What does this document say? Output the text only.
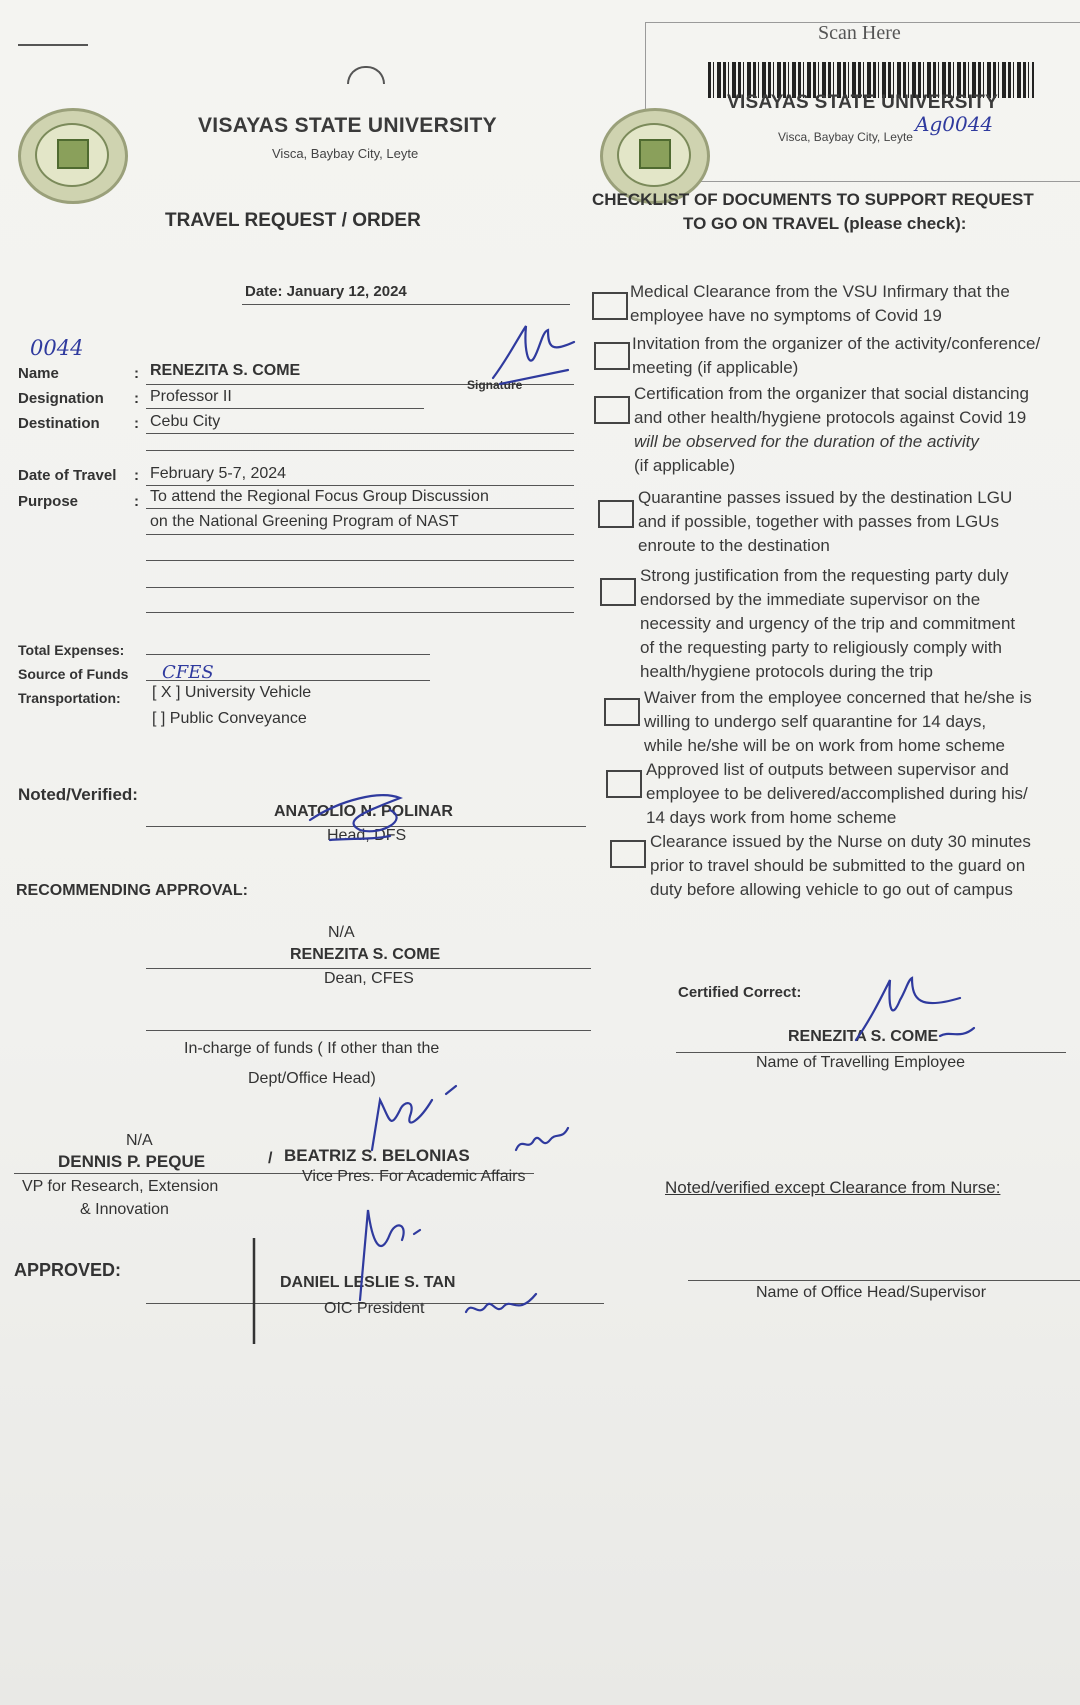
VISAYAS STATE UNIVERSITY
Visca, Baybay City, Leyte
TRAVEL REQUEST / ORDER
Scan Here
VISAYAS STATE UNIVERSITY
Visca, Baybay City, Leyte
Ag0044
CHECKLIST OF DOCUMENTS TO SUPPORT REQUEST
TO GO ON TRAVEL (please check):
Date: January 12, 2024
0044
Name	: RENEZITA S. COME
Signature
Designation : Professor II
Destination : Cebu City
Date of Travel : February 5-7, 2024
Purpose	: To attend the Regional Focus Group Discussion
on the National Greening Program of NAST
Total Expenses:
Source of Funds CFES
Transportation: [ X ] University Vehicle
[ ] Public Conveyance
Noted/Verified:
ANATOLIO N. POLINAR
Head, DFS
RECOMMENDING APPROVAL:
N/A
RENEZITA S. COME
Dean, CFES
In-charge of funds ( If other than the
Dept/Office Head)
N/A
DENNIS P. PEQUE	/ BEATRIZ S. BELONIAS
VP for Research, Extension
& Innovation
Vice Pres. For Academic Affairs
APPROVED:
DANIEL LESLIE S. TAN
OIC President
Medical Clearance from the VSU Infirmary that the
employee have no symptoms of Covid 19
Invitation from the organizer of the activity/conference/
meeting (if applicable)
Certification from the organizer that social distancing
and other health/hygiene protocols against Covid 19
will be observed for the duration of the activity
(if applicable)
Quarantine passes issued by the destination LGU
and if possible, together with passes from LGUs
enroute to the destination
Strong justification from the requesting party duly
endorsed by the immediate supervisor on the
necessity and urgency of the trip and commitment
of the requesting party to religiously comply with
health/hygiene protocols during the trip
Waiver from the employee concerned that he/she is
willing to undergo self quarantine for 14 days,
while he/she will be on work from home scheme
Approved list of outputs between supervisor and
employee to be delivered/accomplished during his/
14 days work from home scheme
Clearance issued by the Nurse on duty 30 minutes
prior to travel should be submitted to the guard on
duty before allowing vehicle to go out of campus
Certified Correct:
RENEZITA S. COME
Name of Travelling Employee
Noted/verified except Clearance from Nurse:
Name of Office Head/Supervisor
